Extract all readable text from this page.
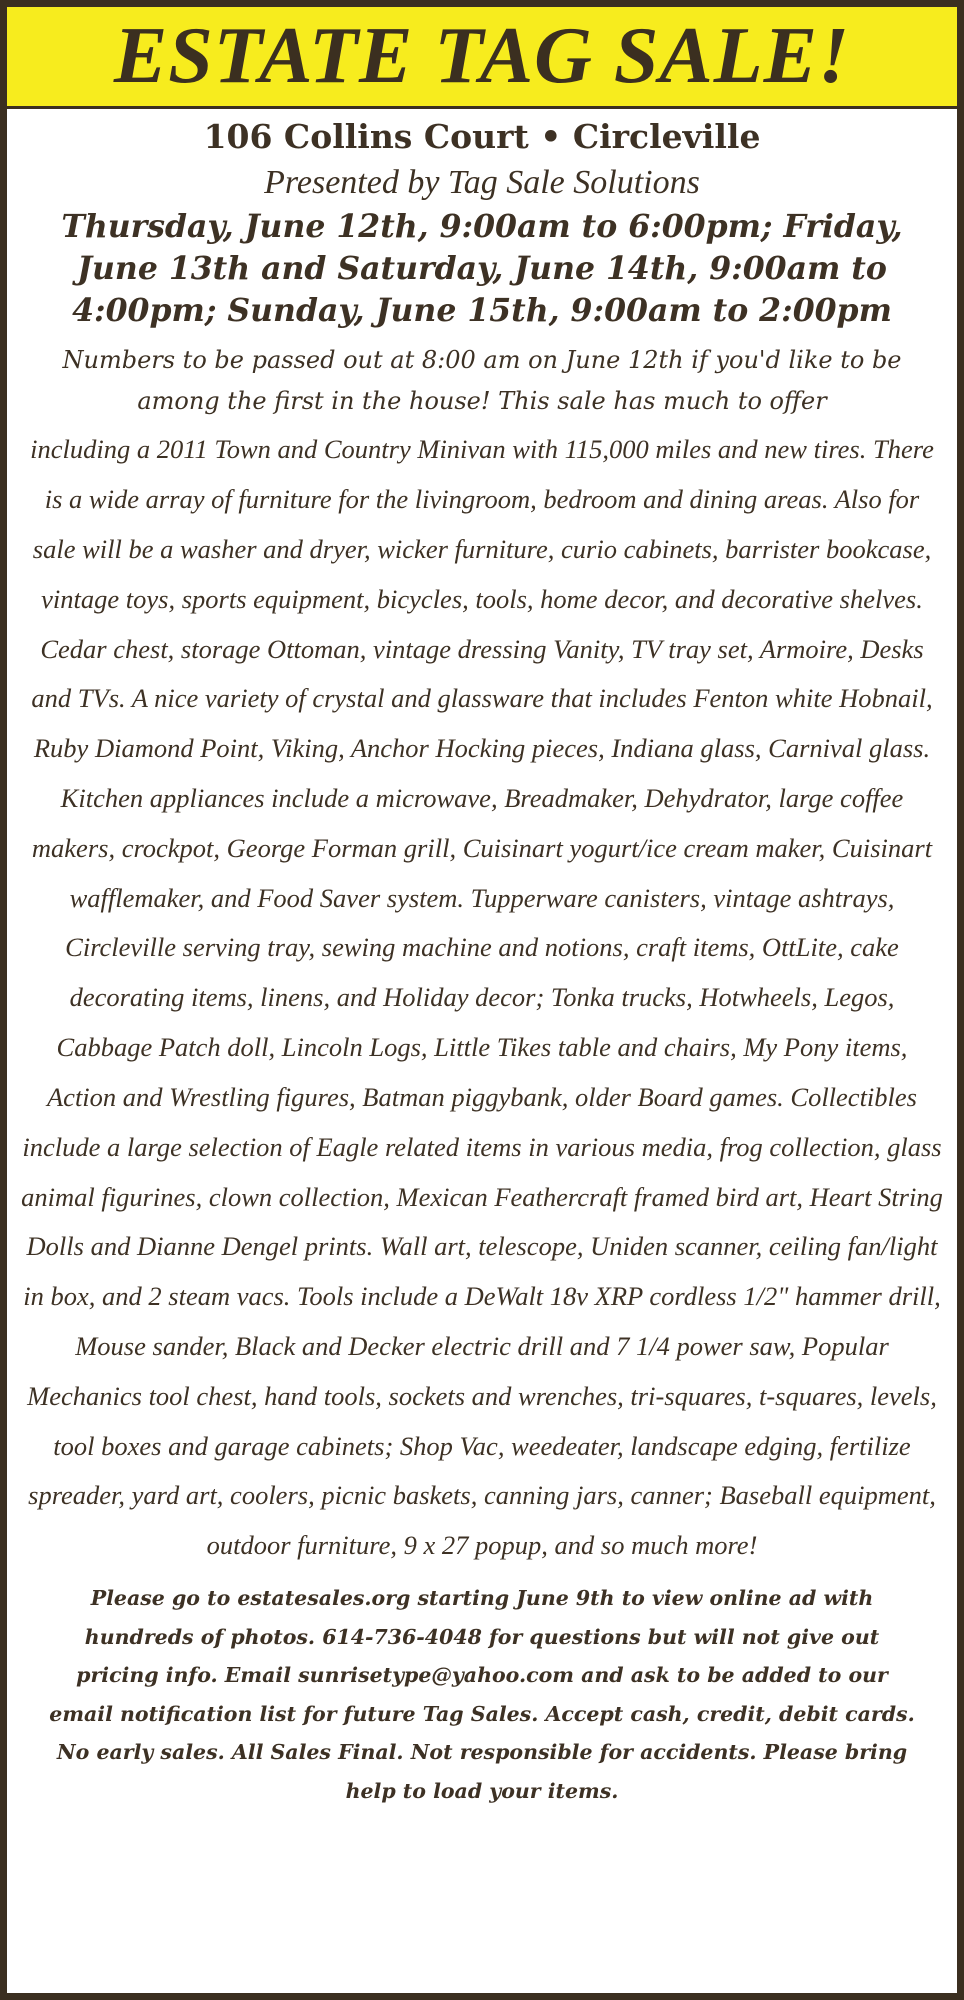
ESTATE TAG SALE!
106 Collins Court • Circleville
Presented by Tag Sale Solutions
Thursday, June 12th, 9:00am to 6:00pm; Friday, June 13th and Saturday, June 14th, 9:00am to 4:00pm; Sunday, June 15th, 9:00am to 2:00pm
Numbers to be passed out at 8:00 am on June 12th if you'd like to be among the first in the house! This sale has much to offer
including a 2011 Town and Country Minivan with 115,000 miles and new tires. There is a wide array of furniture for the livingroom, bedroom and dining areas. Also for sale will be a washer and dryer, wicker furniture, curio cabinets, barrister bookcase, vintage toys, sports equipment, bicycles, tools, home decor, and decorative shelves. Cedar chest, storage Ottoman, vintage dressing Vanity, TV tray set, Armoire, Desks and TVs. A nice variety of crystal and glassware that includes Fenton white Hobnail, Ruby Diamond Point, Viking, Anchor Hocking pieces, Indiana glass, Carnival glass. Kitchen appliances include a microwave, Breadmaker, Dehydrator, large coffee makers, crockpot, George Forman grill, Cuisinart yogurt/ice cream maker, Cuisinart wafflemaker, and Food Saver system. Tupperware canisters, vintage ashtrays, Circleville serving tray, sewing machine and notions, craft items, OttLite, cake decorating items, linens, and Holiday decor; Tonka trucks, Hotwheels, Legos, Cabbage Patch doll, Lincoln Logs, Little Tikes table and chairs, My Pony items, Action and Wrestling figures, Batman piggybank, older Board games. Collectibles include a large selection of Eagle related items in various media, frog collection, glass animal figurines, clown collection, Mexican Feathercraft framed bird art, Heart String Dolls and Dianne Dengel prints. Wall art, telescope, Uniden scanner, ceiling fan/light in box, and 2 steam vacs. Tools include a DeWalt 18v XRP cordless 1/2" hammer drill, Mouse sander, Black and Decker electric drill and 7 1/4 power saw, Popular Mechanics tool chest, hand tools, sockets and wrenches, tri-squares, t-squares, levels, tool boxes and garage cabinets; Shop Vac, weedeater, landscape edging, fertilize spreader, yard art, coolers, picnic baskets, canning jars, canner; Baseball equipment, outdoor furniture, 9 x 27 popup, and so much more!
Please go to estatesales.org starting June 9th to view online ad with hundreds of photos. 614-736-4048 for questions but will not give out pricing info. Email sunrisetype@yahoo.com and ask to be added to our email notification list for future Tag Sales. Accept cash, credit, debit cards. No early sales. All Sales Final. Not responsible for accidents. Please bring help to load your items.
